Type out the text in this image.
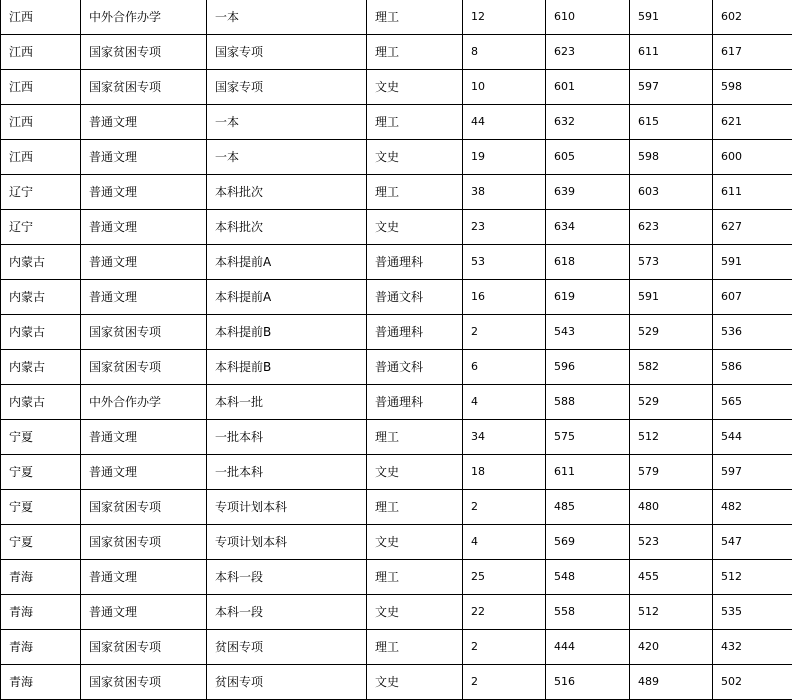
江西	中外合作办学	一本	理工	12	610	591	602
江西	国家贫困专项	国家专项	理工	8	623	611	617
江西	国家贫困专项	国家专项	文史	10	601	597	598
江西	普通文理	一本	理工	44	632	615	621
江西	普通文理	一本	文史	19	605	598	600
辽宁	普通文理	本科批次	理工	38	639	603	611
辽宁	普通文理	本科批次	文史	23	634	623	627
内蒙古	普通文理	本科提前A	普通理科	53	618	573	591
内蒙古	普通文理	本科提前A	普通文科	16	619	591	607
内蒙古	国家贫困专项	本科提前B	普通理科	2	543	529	536
内蒙古	国家贫困专项	本科提前B	普通文科	6	596	582	586
内蒙古	中外合作办学	本科一批	普通理科	4	588	529	565
宁夏	普通文理	一批本科	理工	34	575	512	544
宁夏	普通文理	一批本科	文史	18	611	579	597
宁夏	国家贫困专项	专项计划本科	理工	2	485	480	482
宁夏	国家贫困专项	专项计划本科	文史	4	569	523	547
青海	普通文理	本科一段	理工	25	548	455	512
青海	普通文理	本科一段	文史	22	558	512	535
青海	国家贫困专项	贫困专项	理工	2	444	420	432
青海	国家贫困专项	贫困专项	文史	2	516	489	502
